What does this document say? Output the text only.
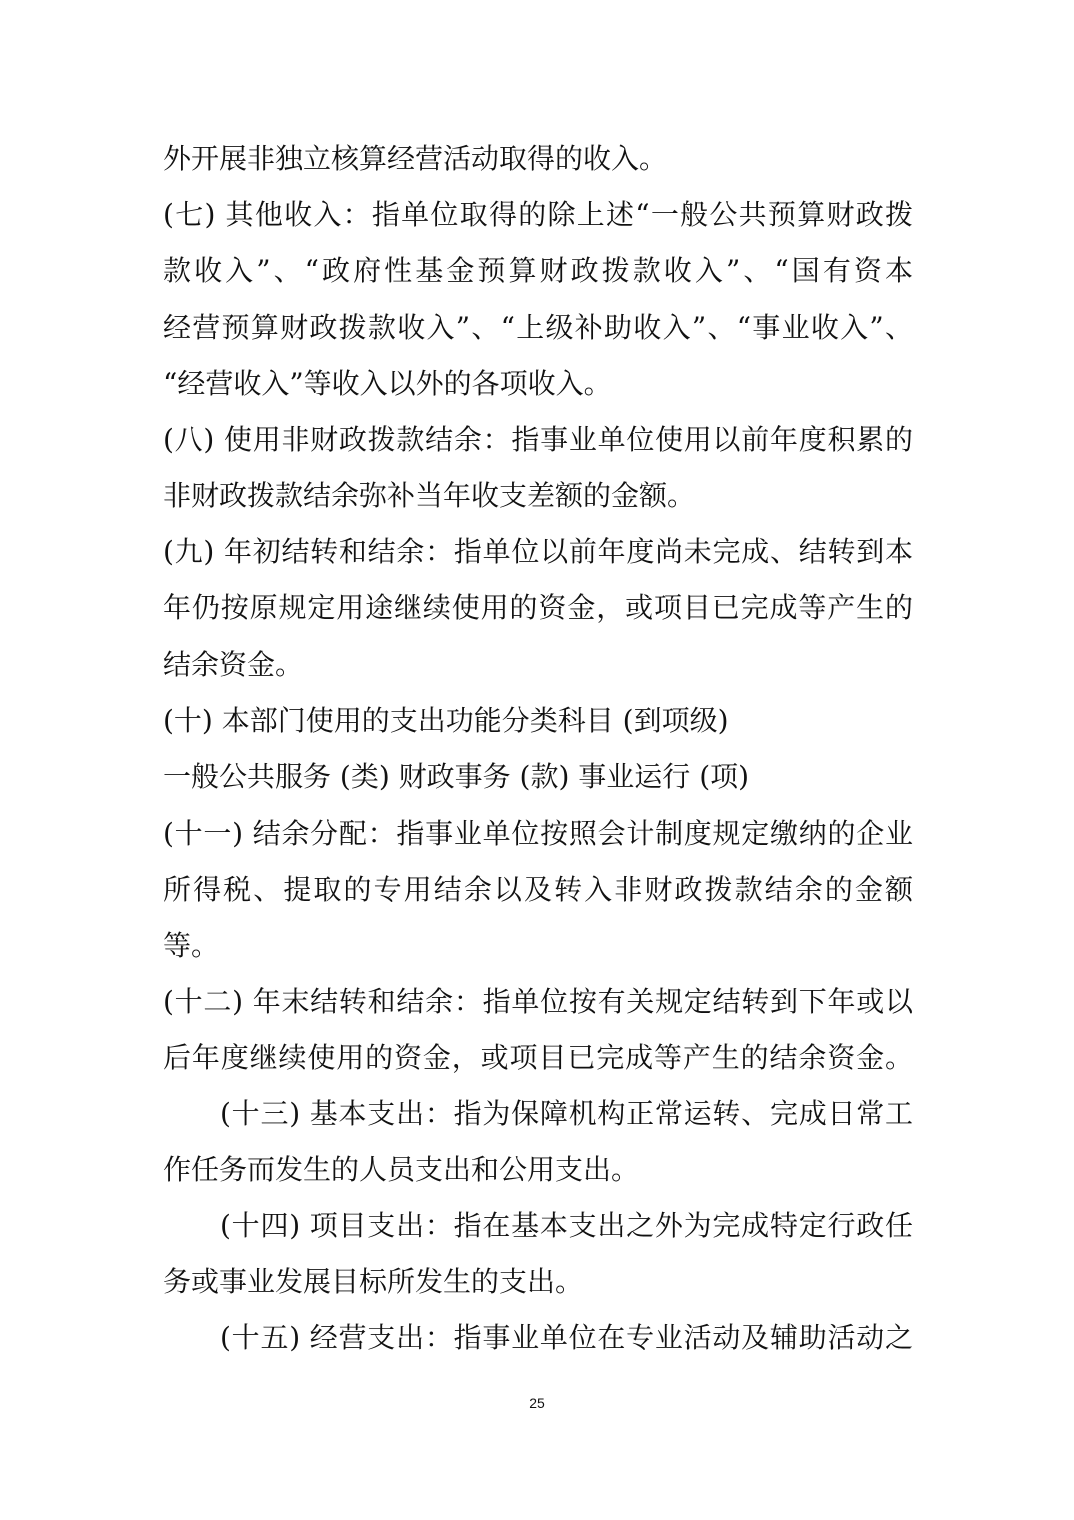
外开展非独立核算经营活动取得的收入。
(七) 其他收入：指单位取得的除上述“一般公共预算财政拨
款收入”、“政府性基金预算财政拨款收入”、“国有资本
经营预算财政拨款收入”、“上级补助收入”、“事业收入”、
“经营收入”等收入以外的各项收入。
(八) 使用非财政拨款结余：指事业单位使用以前年度积累的
非财政拨款结余弥补当年收支差额的金额。
(九) 年初结转和结余：指单位以前年度尚未完成、结转到本
年仍按原规定用途继续使用的资金，或项目已完成等产生的
结余资金。
(十) 本部门使用的支出功能分类科目 (到项级)
一般公共服务 (类) 财政事务 (款) 事业运行 (项)
(十一) 结余分配：指事业单位按照会计制度规定缴纳的企业
所得税、提取的专用结余以及转入非财政拨款结余的金额
等。
(十二) 年末结转和结余：指单位按有关规定结转到下年或以
后年度继续使用的资金，或项目已完成等产生的结余资金。
(十三) 基本支出：指为保障机构正常运转、完成日常工
作任务而发生的人员支出和公用支出。
(十四) 项目支出：指在基本支出之外为完成特定行政任
务或事业发展目标所发生的支出。
(十五) 经营支出：指事业单位在专业活动及辅助活动之
25
